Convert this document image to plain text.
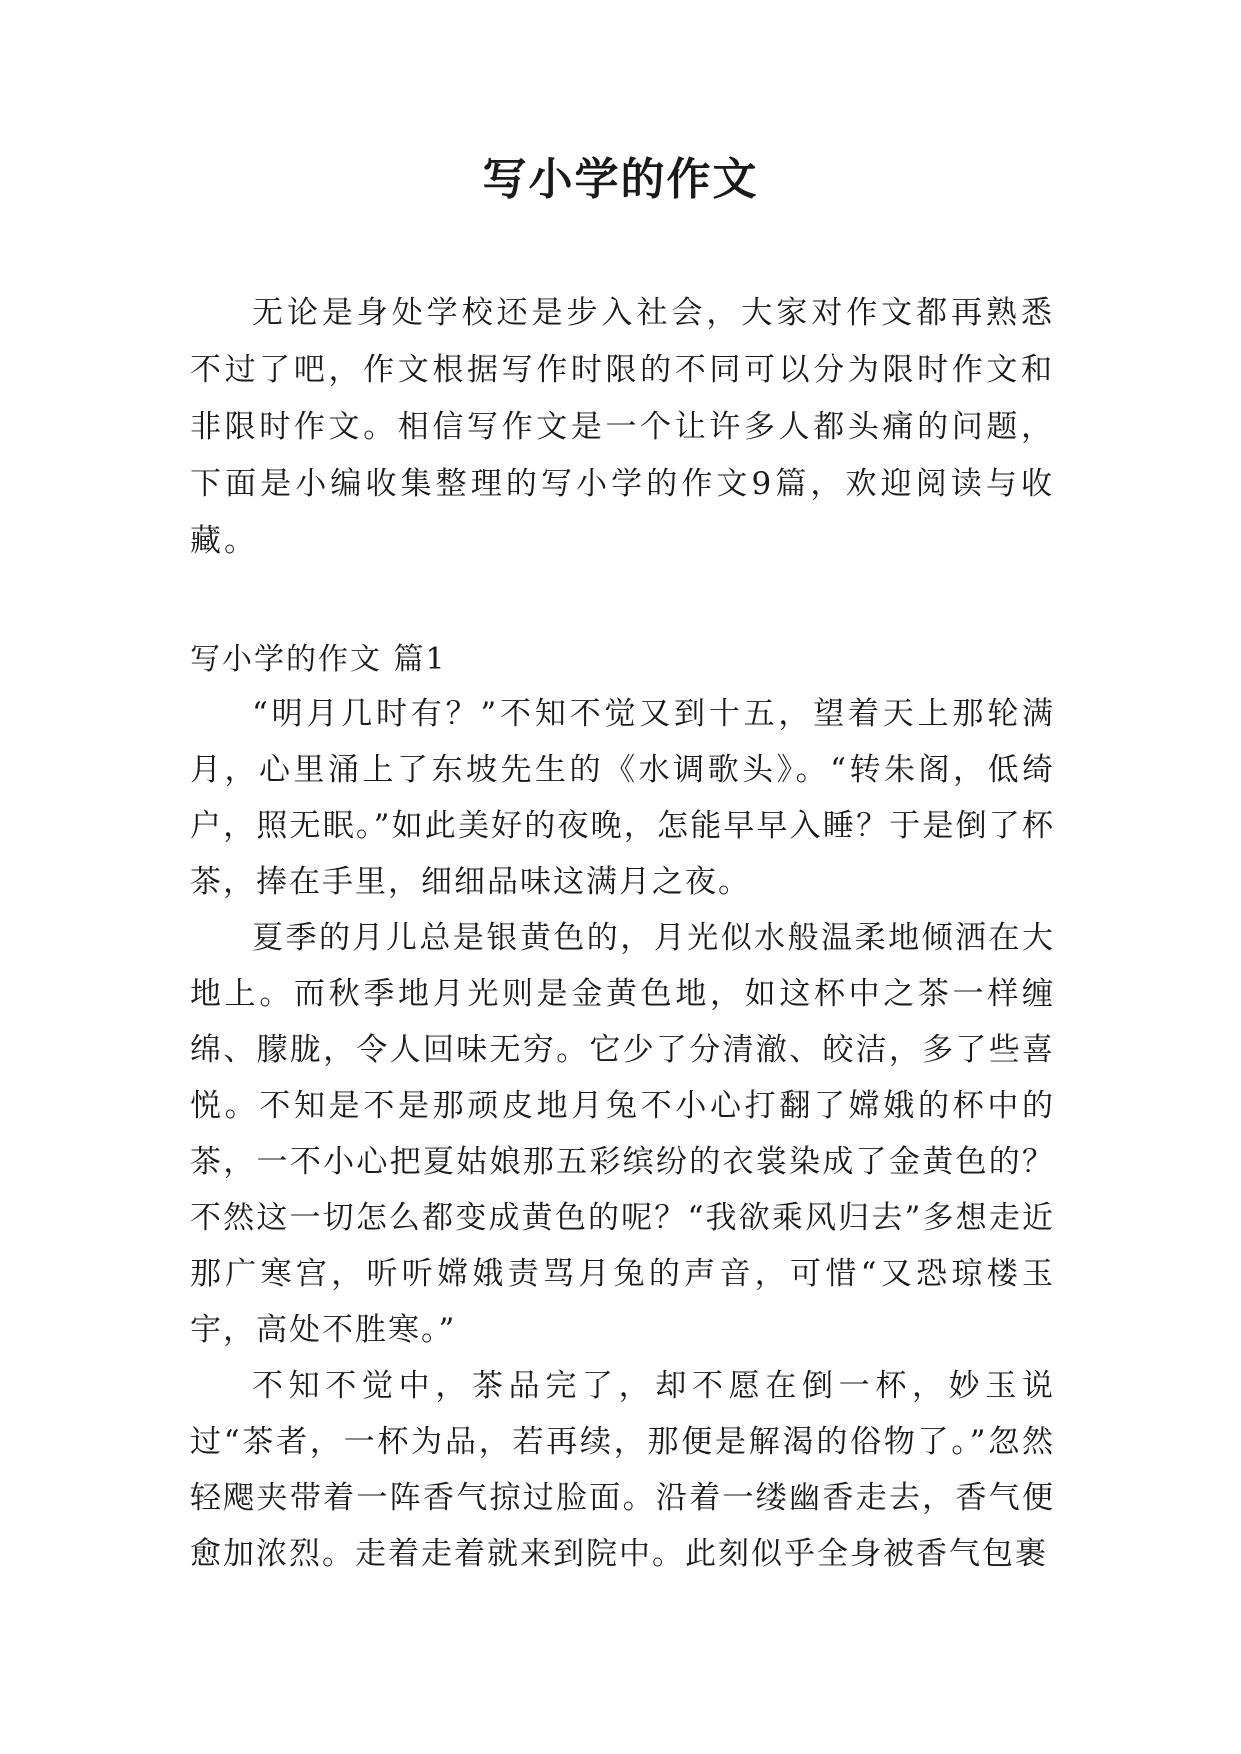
写小学的作文

无论是身处学校还是步入社会，大家对作文都再熟悉不过了吧，作文根据写作时限的不同可以分为限时作文和非限时作文。相信写作文是一个让许多人都头痛的问题，下面是小编收集整理的写小学的作文9篇，欢迎阅读与收藏。

写小学的作文 篇1

“明月几时有？”不知不觉又到十五，望着天上那轮满月，心里涌上了东坡先生的《水调歌头》。“转朱阁，低绮户，照无眠。”如此美好的夜晚，怎能早早入睡？于是倒了杯茶，捧在手里，细细品味这满月之夜。

夏季的月儿总是银黄色的，月光似水般温柔地倾洒在大地上。而秋季地月光则是金黄色地，如这杯中之茶一样缠绵、朦胧，令人回味无穷。它少了分清澈、皎洁，多了些喜悦。不知是不是那顽皮地月兔不小心打翻了嫦娥的杯中的茶，一不小心把夏姑娘那五彩缤纷的衣裳染成了金黄色的？不然这一切怎么都变成黄色的呢？“我欲乘风归去”多想走近那广寒宫，听听嫦娥责骂月兔的声音，可惜“又恐琼楼玉宇，高处不胜寒。”

不知不觉中，茶品完了，却不愿在倒一杯，妙玉说过“茶者，一杯为品，若再续，那便是解渴的俗物了。”忽然轻飔夹带着一阵香气掠过脸面。沿着一缕幽香走去，香气便愈加浓烈。走着走着就来到院中。此刻似乎全身被香气包裹
